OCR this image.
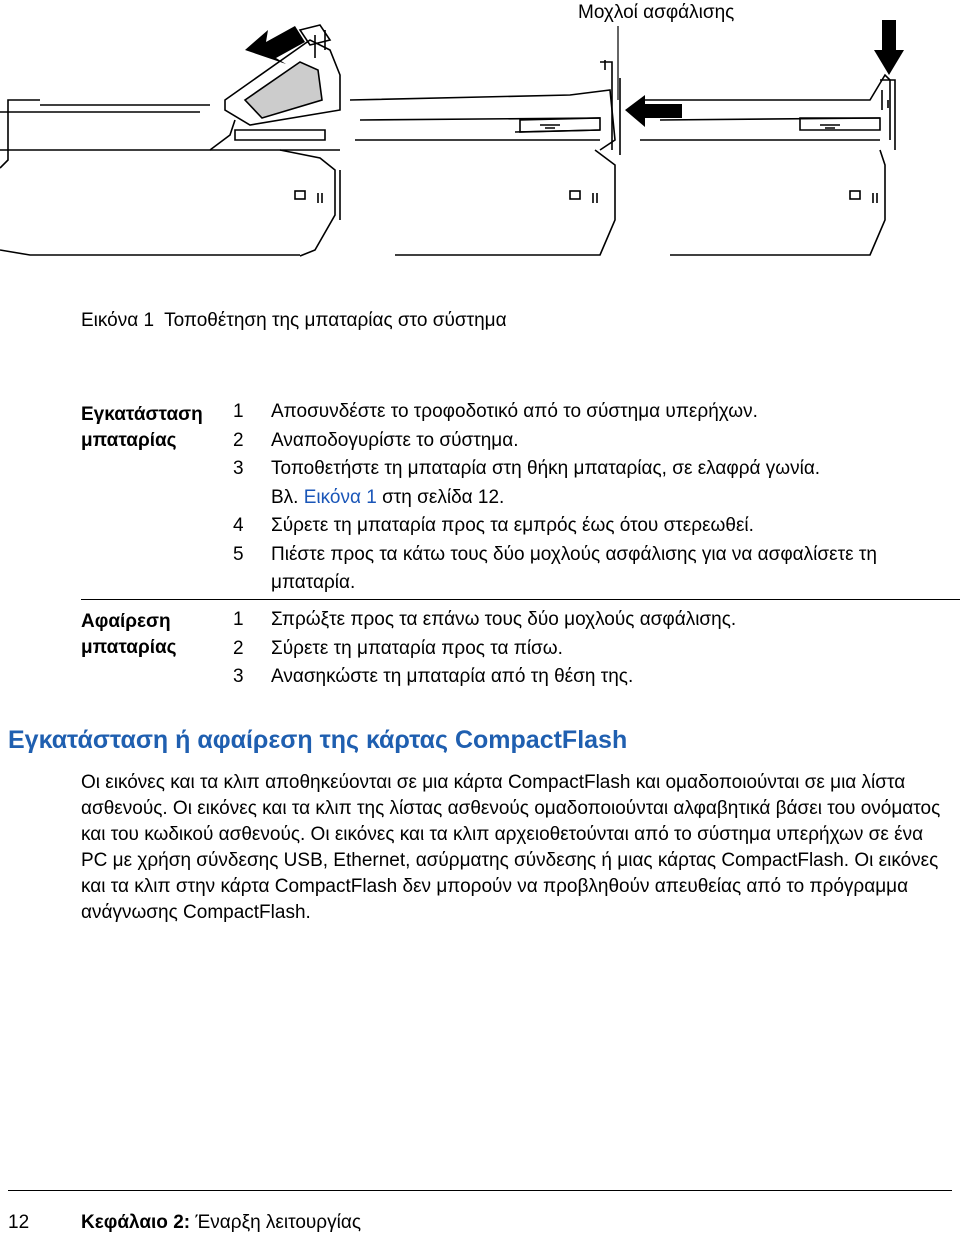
Μοχλοί ασφάλισης
Εικόνα 1 Τοποθέτηση της μπαταρίας στο σύστημα
Εγκατάσταση
μπαταρίας
1	Αποσυνδέστε το τροφοδοτικό από το σύστημα υπερήχων.
2	Αναποδογυρίστε το σύστημα.
3	Τοποθετήστε τη μπαταρία στη θήκη μπαταρίας, σε ελαφρά γωνία.
Βλ. Εικόνα 1 στη σελίδα 12.
4	Σύρετε τη μπαταρία προς τα εμπρός έως ότου στερεωθεί.
5	Πιέστε προς τα κάτω τους δύο μοχλούς ασφάλισης για να ασφαλίσετε τη μπαταρία.
Αφαίρεση
μπαταρίας
1	Σπρώξτε προς τα επάνω τους δύο μοχλούς ασφάλισης.
2	Σύρετε τη μπαταρία προς τα πίσω.
3	Ανασηκώστε τη μπαταρία από τη θέση της.
Εγκατάσταση ή αφαίρεση της κάρτας CompactFlash
Οι εικόνες και τα κλιπ αποθηκεύονται σε μια κάρτα CompactFlash και ομαδοποιούνται σε μια λίστα ασθενούς. Οι εικόνες και τα κλιπ της λίστας ασθενούς ομαδοποιούνται αλφαβητικά βάσει του ονόματος και του κωδικού ασθενούς. Οι εικόνες και τα κλιπ αρχειοθετούνται από το σύστημα υπερήχων σε ένα PC με χρήση σύνδεσης USB, Ethernet, ασύρματης σύνδεσης ή μιας κάρτας CompactFlash. Οι εικόνες και τα κλιπ στην κάρτα CompactFlash δεν μπορούν να προβληθούν απευθείας από το πρόγραμμα ανάγνωσης CompactFlash.
12	Κεφάλαιο 2: Έναρξη λειτουργίας
